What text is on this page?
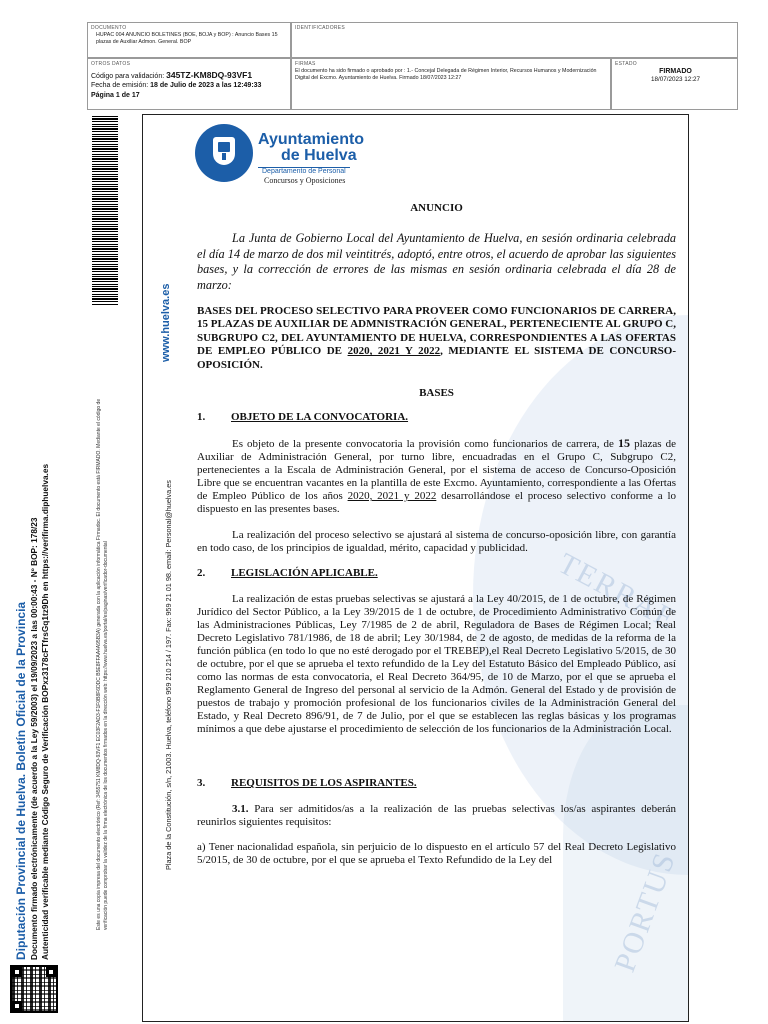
DOCUMENTO
HUPAC 004 ANUNCIO BOLETINES (BOE, BOJA y BOP) : Anuncio Bases 15 plazas de Auxiliar Admon. General. BOP
IDENTIFICADORES
OTROS DATOS
Código para validación: 345TZ-KM8DQ-93VF1
Fecha de emisión: 18 de Julio de 2023 a las 12:49:33
Página 1 de 17
FIRMAS
El documento ha sido firmado o aprobado por : 1.- Concejal Delegada de Régimen Interior, Recursos Humanos y Modernización Digital del Excmo. Ayuntamiento de Huelva. Firmado 18/07/2023 12:27
ESTADO
FIRMADO
18/07/2023 12:27
Diputación Provincial de Huelva. Boletín Oficial de la Provincia Documento firmado electrónicamente (de acuerdo a la Ley 59/2003) el 19/09/2023 a las 00:00:43 - Nº BOP: 178/23 Autenticidad verificable mediante Código Seguro de Verificación BOPxz3178cFTfrsGq1tz9Dh en https://verifirma.diphuelva.es	Este es una copia impresa del documento electrónico (Ref: 3455751 KM8DQ-93VF1 EC03F2AD3-F1F0B8F6DDC B5E8FFAA4A95B3A) generada con la aplicación informática Firmadoc. El documento está FIRMADO. Mediante el código de verificación puede comprobar la validez de la firma electrónica de los documentos firmados en la dirección web: https://www.huelva.es/portal/es/paginas/verificador-documental	TERRAE
PORTUS
Ayuntamiento
de Huelva
Departamento de Personal
Concursos y Oposiciones
www.huelva.es
Plaza de la Constitución, s/n, 21003. Huelva, teléfono 959 210 214 / 197. Fax: 959 21 01 98. email: Personal@huelva.es
ANUNCIO
La Junta de Gobierno Local del Ayuntamiento de Huelva, en sesión ordinaria celebrada el día 14 de marzo de dos mil veintitrés, adoptó, entre otros, el acuerdo de aprobar las siguientes bases, y la corrección de errores de las mismas en sesión ordinaria celebrada el día 28 de marzo:
BASES DEL PROCESO SELECTIVO PARA PROVEER COMO FUNCIONARIOS DE CARRERA, 15 PLAZAS DE AUXILIAR DE ADMNISTRACIÓN GENERAL, PERTENECIENTE AL GRUPO C, SUBGRUPO C2, DEL AYUNTAMIENTO DE HUELVA, CORRESPONDIENTES A LAS OFERTAS DE EMPLEO PÚBLICO DE 2020, 2021 Y 2022, MEDIANTE EL SISTEMA DE CONCURSO-OPOSICIÓN.
BASES
1. OBJETO DE LA CONVOCATORIA.
Es objeto de la presente convocatoria la provisión como funcionarios de carrera, de 15 plazas de Auxiliar de Administración General, por turno libre, encuadradas en el Grupo C, Subgrupo C2, pertenecientes a la Escala de Administración General, por el sistema de acceso de Concurso-Oposición Libre que se encuentran vacantes en la plantilla de este Excmo. Ayuntamiento, correspondiente a las Ofertas de Empleo Público de los años 2020, 2021 y 2022 desarrollándose el proceso selectivo conforme a lo dispuesto en las presentes bases.
La realización del proceso selectivo se ajustará al sistema de concurso-oposición libre, con garantía en todo caso, de los principios de igualdad, mérito, capacidad y publicidad.
2. LEGISLACIÓN APLICABLE.
La realización de estas pruebas selectivas se ajustará a la Ley 40/2015, de 1 de octubre, de Régimen Jurídico del Sector Público, a la Ley 39/2015 de 1 de octubre, de Procedimiento Administrativo Común de las Administraciones Públicas, Ley 7/1985 de 2 de abril, Reguladora de Bases de Régimen Local; Real Decreto Legislativo 781/1986, de 18 de abril; Ley 30/1984, de 2 de agosto, de medidas de la reforma de la función pública (en todo lo que no esté derogado por el TREBEP),el Real Decreto Legislativo 5/2015, de 30 de octubre, por el que se aprueba el texto refundido de la Ley del Estatuto Básico del Empleado Público, así como las normas de esta convocatoria, el Real Decreto 364/95, de 10 de Marzo, por el que se aprueba el Reglamento General de Ingreso del personal al servicio de la Admón. General del Estado y de provisión de puestos de trabajo y promoción profesional de los funcionarios civiles de la Administración General del Estado, y Real Decreto 896/91, de 7 de Julio, por el que se establecen las reglas básicas y los programas mínimos a que debe ajustarse el procedimiento de selección de los funcionarios de la Administración Local.
3. REQUISITOS DE LOS ASPIRANTES.
3.1. Para ser admitidos/as a la realización de las pruebas selectivas los/as aspirantes deberán reunirlos siguientes requisitos:
a) Tener nacionalidad española, sin perjuicio de lo dispuesto en el artículo 57 del Real Decreto Legislativo 5/2015, de 30 de octubre, por el que se aprueba el Texto Refundido de la Ley del
